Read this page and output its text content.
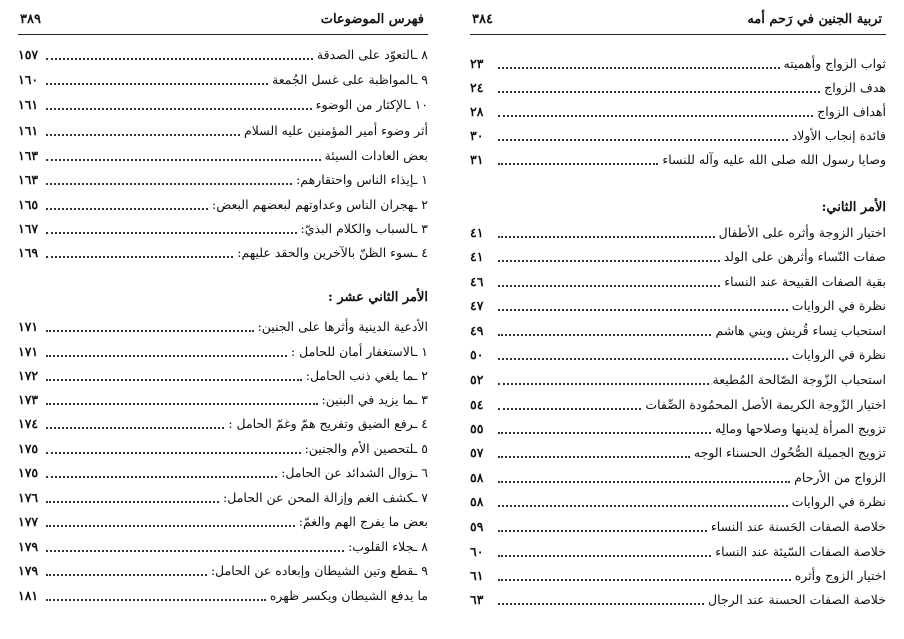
فهرس الموضوعات
٣٨٩
٨ ـالتعوّد على الصدقة
١٥٧
٩ ـالمواظبة على غسل الجُمعة
١٦٠
١٠ ـالإكثار من الوضوء
١٦١
أثر وضوء أمير المؤمنين عليه السلام
١٦١
بعض العادات السيئة
١٦٣
١ ـإيذاء الناس واحتقارهم:
١٦٣
٢ ـهجران الناس وعداوتهم لبعضهم البعض:
١٦٥
٣ ـالسباب والكلام البذيّ:
١٦٧
٤ ـسوء الظنّ بالآخرين والحقد عليهم:
١٦٩
الأمر الثاني عشر :
الأدعية الدينية وأثرها على الجنين:
١٧١
١ ـالاستغفار أمان للحامل :
١٧١
٢ ـما يلغي ذنب الحامل:
١٧٢
٣ ـما يزيد في البنين:
١٧٣
٤ ـرفع الضيق وتفريج همّ وغمّ الحامل :
١٧٤
٥ ـلتحصين الأم والجنين:
١٧٥
٦ ـزوال الشدائد عن الحامل:
١٧٥
٧ ـكشف الغم وإزالة المحن عن الحامل:
١٧٦
بعض ما يفرج الهم والغمّ:
١٧٧
٨ ـجلاء القلوب:
١٧٩
٩ ـقطع وتين الشيطان وإبعاده عن الحامل:
١٧٩
ما يدفع الشيطان ويكسر ظهره
١٨١
تربية الجنين في رَحم أمه
٣٨٤
ثواب الزواج وأهميته
٢٣
هدف الزواج
٢٤
أهداف الزواج
٢٨
فائدة إنجاب الأولاد
٣٠
وصايا رسول الله صلى الله عليه وآله للنساء
٣١
الأمر الثاني:
اختيار الزوجة وأثره على الأطفال
٤١
صفات النّساء وأثرهن على الولد
٤١
بقية الصفات القبيحة عند النساء
٤٦
نظرة في الروايات
٤٧
استحباب نِساء قُريش وبني هاشم
٤٩
نظرة في الروايات
٥٠
استحباب الزّوجة الصّالحة المُطيعة
٥٢
اختيار الزّوجة الكريمة الأصل المحمُودة الصِّفات
٥٤
تزويج المرأة لِدينها وصلاحها ومالِه
٥٥
تزويج الجميلة الصُّحُوك الحسناء الوجه
٥٧
الزواج من الأرحام
٥٨
نظرة في الروايات
٥٨
خلاصة الصفات الحَسنة عند النساء
٥٩
خلاصة الصفات السّيئة عند النساء
٦٠
اختيار الزوج وأثره
٦١
خلاصة الصفات الحسنة عند الرجال
٦٣
